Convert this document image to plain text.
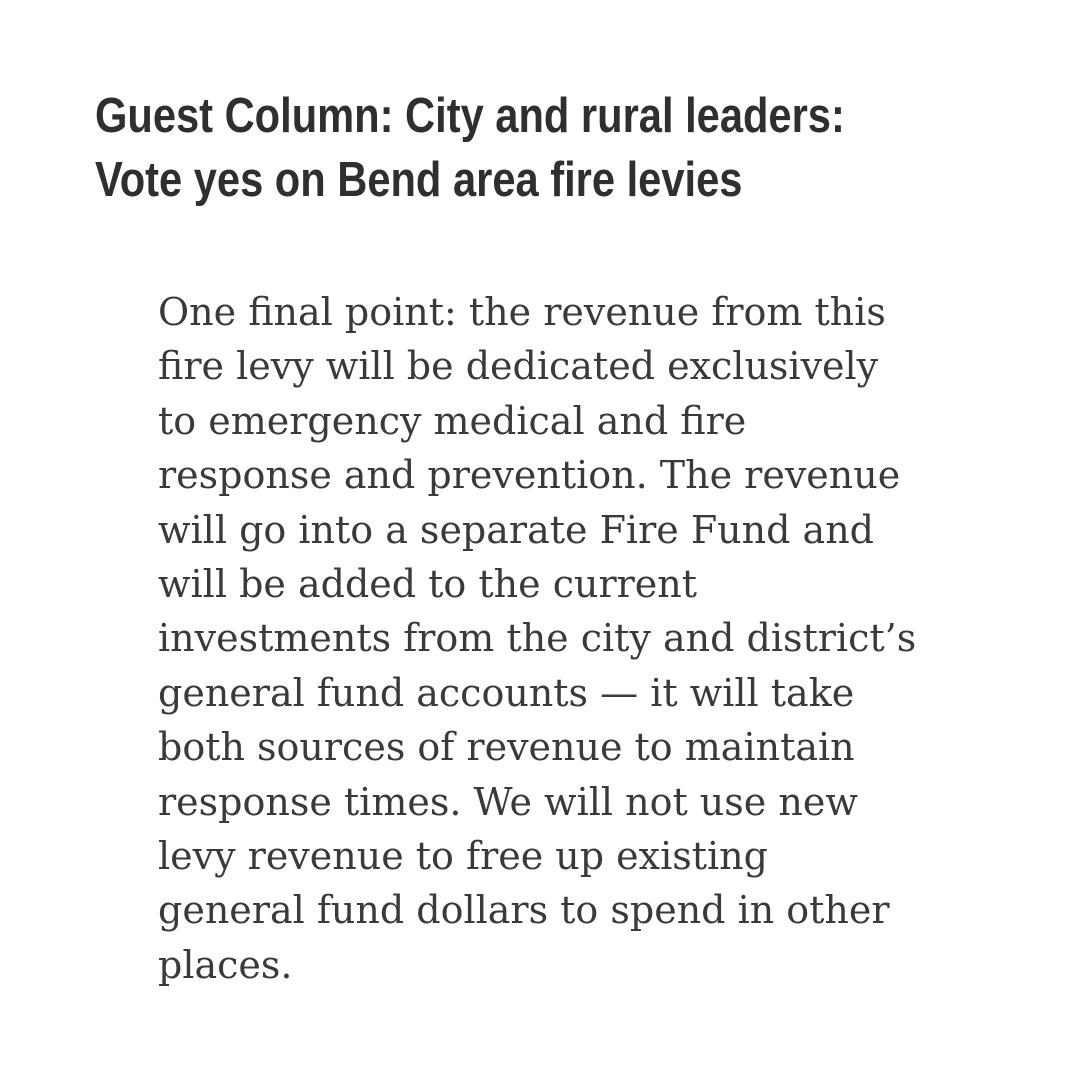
Guest Column: City and rural leaders:
Vote yes on Bend area fire levies
One final point: the revenue from this
fire levy will be dedicated exclusively
to emergency medical and fire
response and prevention. The revenue
will go into a separate Fire Fund and
will be added to the current
investments from the city and district’s
general fund accounts — it will take
both sources of revenue to maintain
response times. We will not use new
levy revenue to free up existing
general fund dollars to spend in other
places.
